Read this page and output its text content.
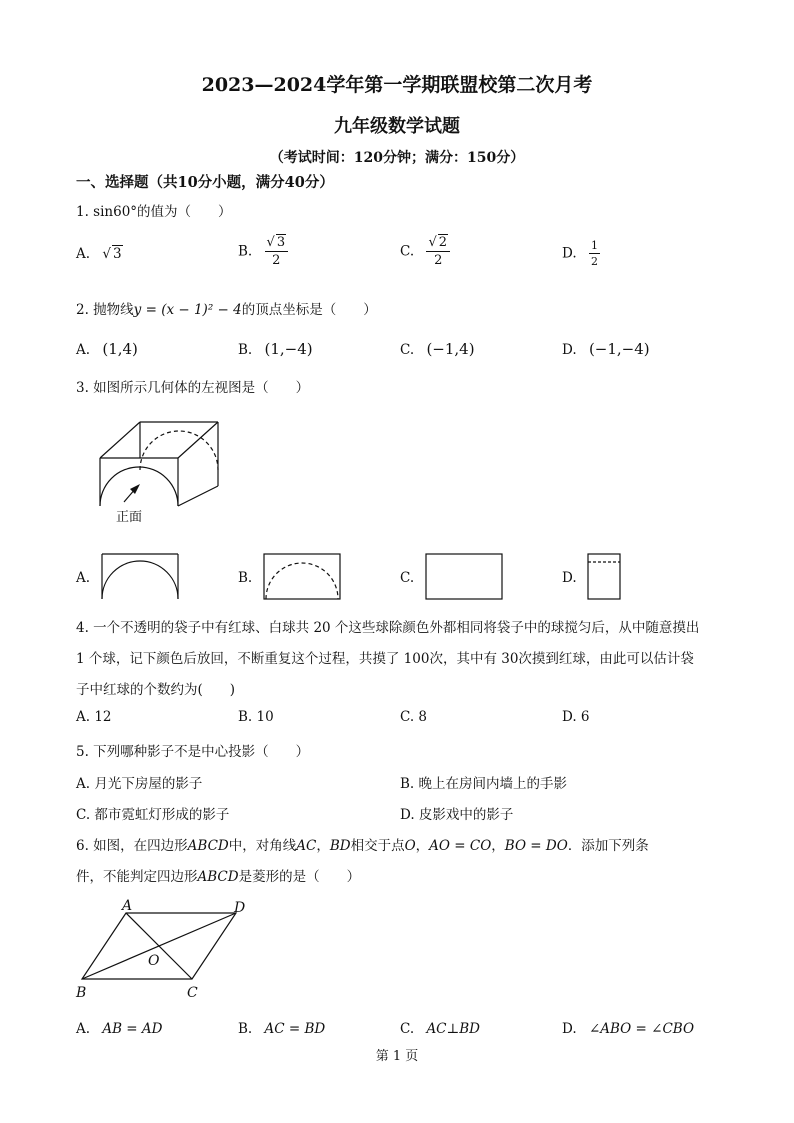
2023—2024学年第一学期联盟校第二次月考
九年级数学试题
（考试时间：120分钟；满分：150分）
一、选择题（共10分小题，满分40分）
1. sin60°的值为（　　）
A. √ 3	B. $\frac{√ 3}{2}$	C. $\frac{√ 2}{2}$	D. $\frac{1}{2}$
2. 抛物线y = (x − 1)² − 4的顶点坐标是（　　）
A. (1,4)	B. (1,−4)	C. (−1,4)	D. (−1,−4)
3. 如图所示几何体的左视图是（　　）
正面
A.	B.	C.	D.
4. 一个不透明的袋子中有红球、白球共 20 个这些球除颜色外都相同将袋子中的球搅匀后，从中随意摸出
1 个球，记下颜色后放回，不断重复这个过程，共摸了 100次，其中有 30次摸到红球，由此可以估计袋
子中红球的个数约为(　　)
A. 12	B. 10	C. 8	D. 6
5. 下列哪种影子不是中心投影（　　）
A. 月光下房屋的影子	B. 晚上在房间内墙上的手影
C. 都市霓虹灯形成的影子	D. 皮影戏中的影子
6. 如图，在四边形ABCD中，对角线AC，BD相交于点O，AO = CO，BO = DO．添加下列条
件，不能判定四边形ABCD是菱形的是（　　）
A	D
B	C
O
A. AB = AD	B. AC = BD	C. AC⊥BD	D. ∠ABO = ∠CBO
第 1 页
